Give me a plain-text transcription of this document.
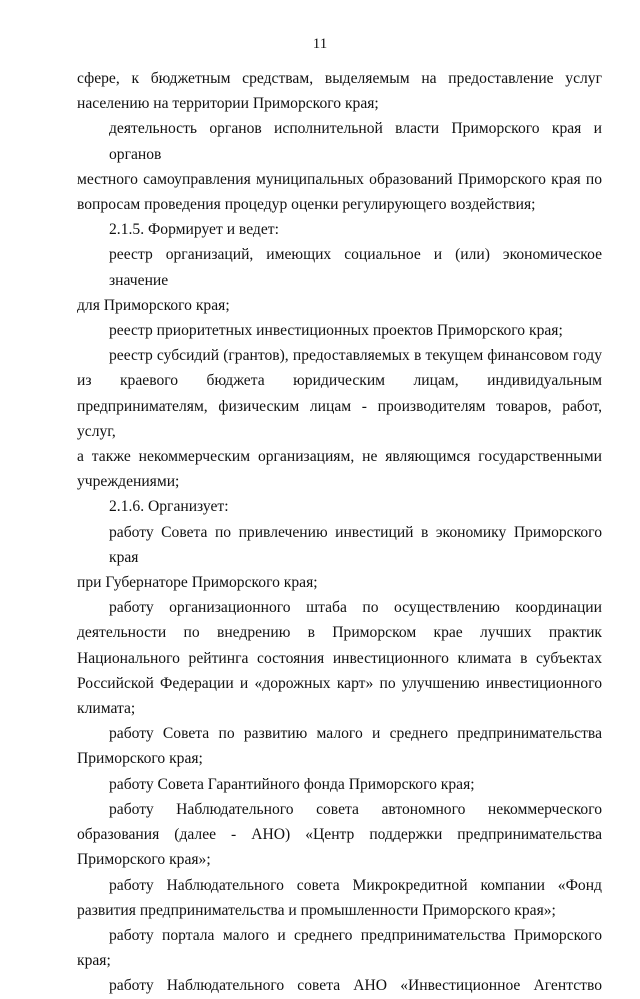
11
сфере, к бюджетным средствам, выделяемым на предоставление услуг
населению на территории Приморского края;
деятельность органов исполнительной власти Приморского края и органов
местного самоуправления муниципальных образований Приморского края по
вопросам проведения процедур оценки регулирующего воздействия;
2.1.5. Формирует и ведет:
реестр организаций, имеющих социальное и (или) экономическое значение
для Приморского края;
реестр приоритетных инвестиционных проектов Приморского края;
реестр субсидий (грантов), предоставляемых в текущем финансовом году
из краевого бюджета юридическим лицам, индивидуальным
предпринимателям, физическим лицам - производителям товаров, работ, услуг,
а также некоммерческим организациям, не являющимся государственными
учреждениями;
2.1.6. Организует:
работу Совета по привлечению инвестиций в экономику Приморского края
при Губернаторе Приморского края;
работу организационного штаба по осуществлению координации
деятельности по внедрению в Приморском крае лучших практик
Национального рейтинга состояния инвестиционного климата в субъектах
Российской Федерации и «дорожных карт» по улучшению инвестиционного
климата;
работу Совета по развитию малого и среднего предпринимательства
Приморского края;
работу Совета Гарантийного фонда Приморского края;
работу Наблюдательного совета автономного некоммерческого
образования (далее - АНО) «Центр поддержки предпринимательства
Приморского края»;
работу Наблюдательного совета Микрокредитной компании «Фонд
развития предпринимательства и промышленности Приморского края»;
работу портала малого и среднего предпринимательства Приморского
края;
работу Наблюдательного совета АНО «Инвестиционное Агентство
